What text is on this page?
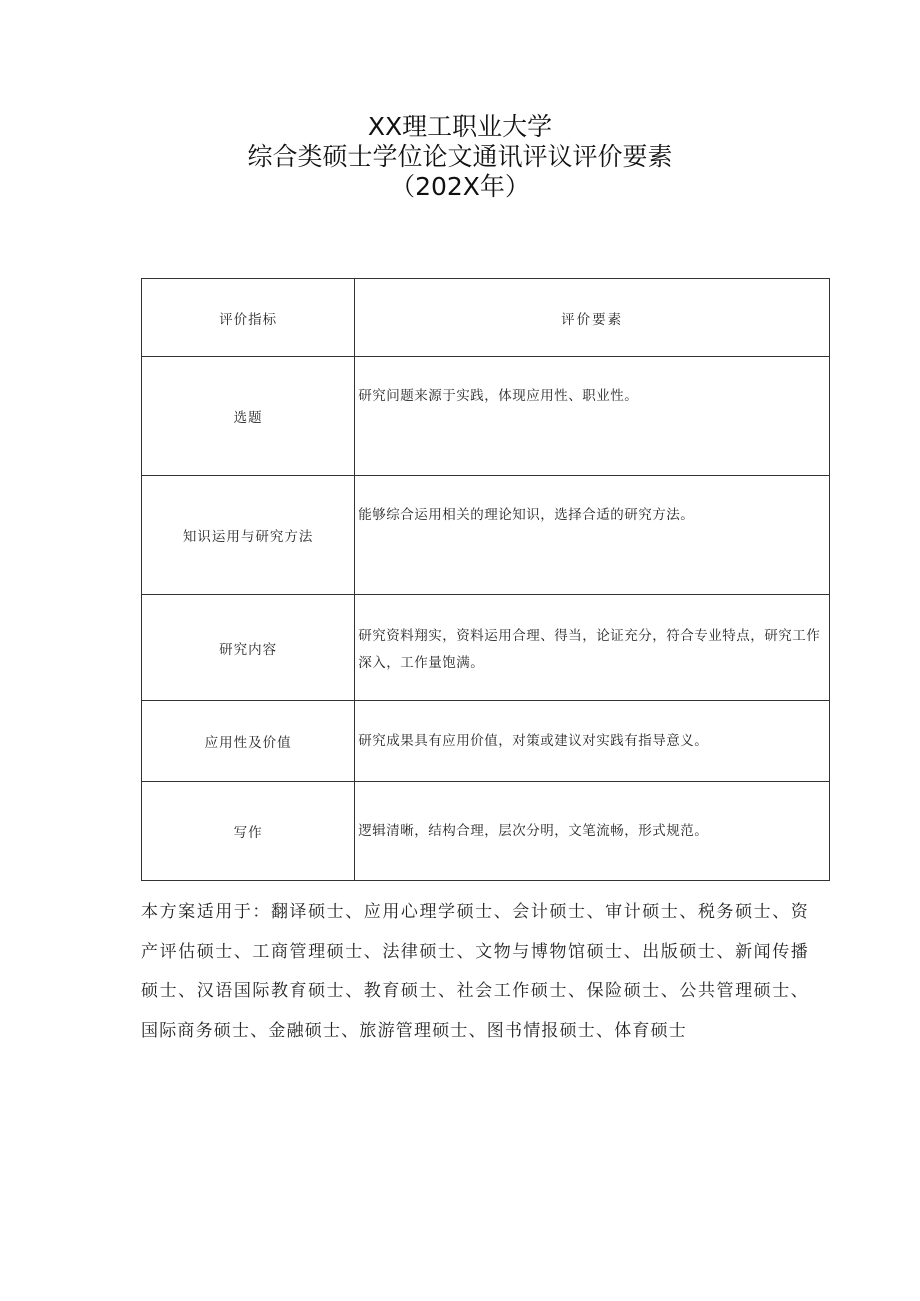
XX理工职业大学
综合类硕士学位论文通讯评议评价要素
（202X年）
评价指标	评价要素
选题	研究问题来源于实践，体现应用性、职业性。
知识运用与研究方法	能够综合运用相关的理论知识，选择合适的研究方法。
研究内容	研究资料翔实，资料运用合理、得当，论证充分，符合专业特点，研究工作深入，工作量饱满。
应用性及价值	研究成果具有应用价值，对策或建议对实践有指导意义。
写作	逻辑清晰，结构合理，层次分明，文笔流畅，形式规范。

本方案适用于：翻译硕士、应用心理学硕士、会计硕士、审计硕士、税务硕士、资产评估硕士、工商管理硕士、法律硕士、文物与博物馆硕士、出版硕士、新闻传播硕士、汉语国际教育硕士、教育硕士、社会工作硕士、保险硕士、公共管理硕士、国际商务硕士、金融硕士、旅游管理硕士、图书情报硕士、体育硕士
